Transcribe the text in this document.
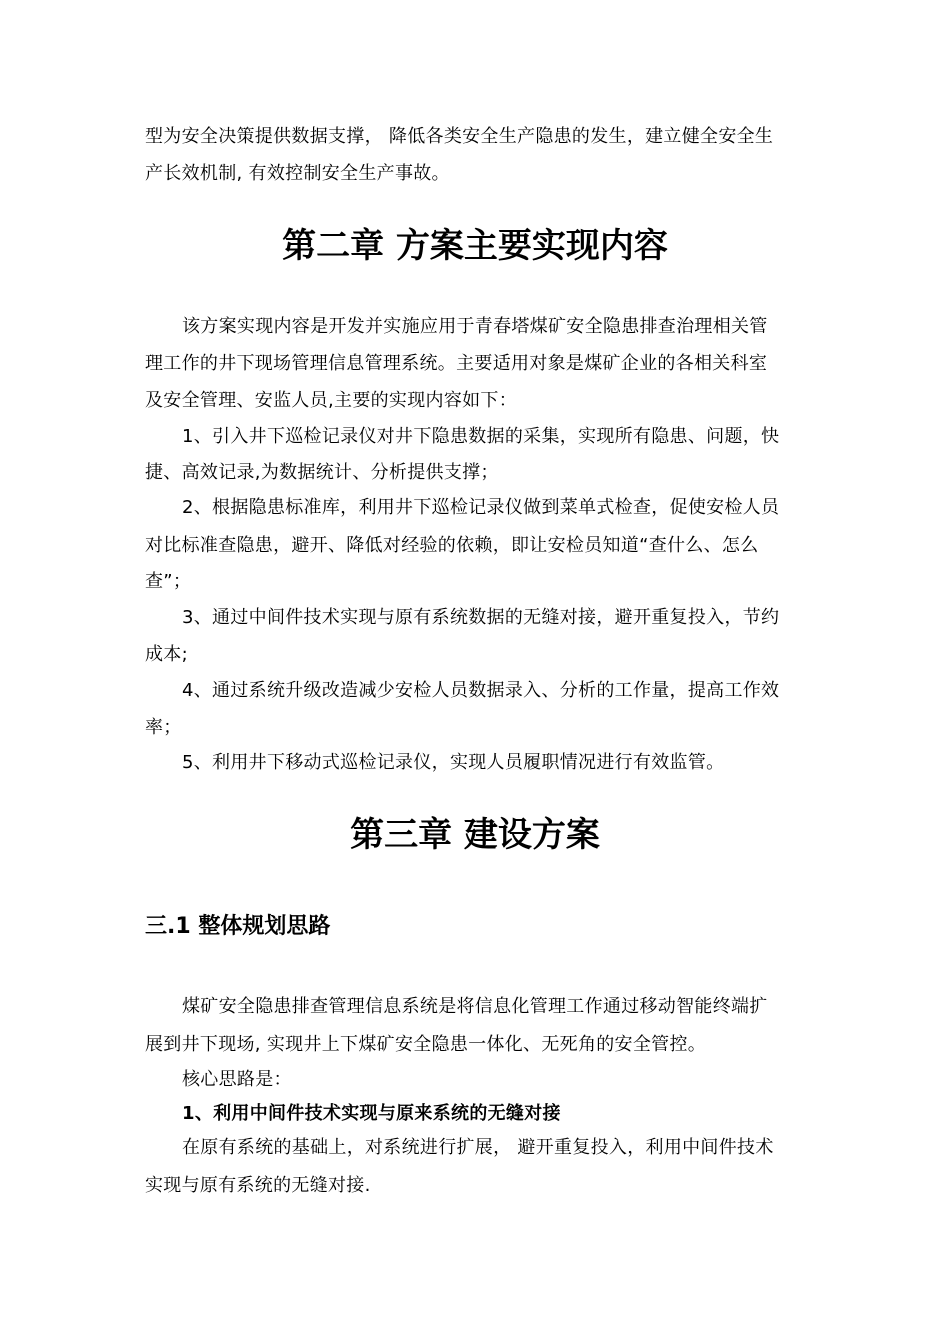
型为安全决策提供数据支撑， 降低各类安全生产隐患的发生，建立健全安全生
产长效机制, 有效控制安全生产事故。
第二章 方案主要实现内容
该方案实现内容是开发并实施应用于青春塔煤矿安全隐患排查治理相关管
理工作的井下现场管理信息管理系统。主要适用对象是煤矿企业的各相关科室
及安全管理、安监人员,主要的实现内容如下：
1、引入井下巡检记录仪对井下隐患数据的采集，实现所有隐患、问题，快
捷、高效记录,为数据统计、分析提供支撑；
2、根据隐患标准库，利用井下巡检记录仪做到菜单式检查，促使安检人员
对比标准查隐患，避开、降低对经验的依赖，即让安检员知道“查什么、怎么
查”；
3、通过中间件技术实现与原有系统数据的无缝对接，避开重复投入，节约
成本;
4、通过系统升级改造减少安检人员数据录入、分析的工作量，提高工作效
率；
5、利用井下移动式巡检记录仪，实现人员履职情况进行有效监管。
第三章 建设方案
三.1 整体规划思路
煤矿安全隐患排查管理信息系统是将信息化管理工作通过移动智能终端扩
展到井下现场, 实现井上下煤矿安全隐患一体化、无死角的安全管控。
核心思路是：
1、利用中间件技术实现与原来系统的无缝对接
在原有系统的基础上，对系统进行扩展， 避开重复投入，利用中间件技术
实现与原有系统的无缝对接.
